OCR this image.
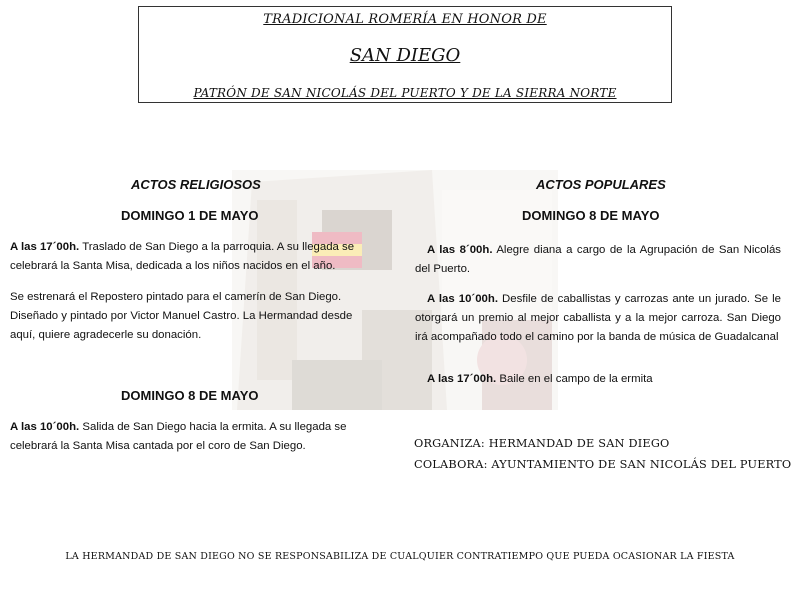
TRADICIONAL ROMERÍA EN HONOR DE
SAN DIEGO
PATRÓN DE SAN NICOLÁS DEL PUERTO Y DE LA SIERRA NORTE
ACTOS RELIGIOSOS
DOMINGO 1 DE MAYO
A las 17´00h. Traslado de San Diego a la parroquia. A su llegada se celebrará la Santa Misa, dedicada a los niños nacidos en el año.
Se estrenará el Repostero pintado para el camerín de San Diego. Diseñado y pintado por Victor Manuel Castro. La Hermandad desde aquí, quiere agradecerle su donación.
DOMINGO 8 DE MAYO
A las 10´00h. Salida de San Diego hacia la ermita. A su llegada se celebrará la Santa Misa cantada por el coro de San Diego.
ACTOS POPULARES
DOMINGO 8 DE MAYO
A las 8´00h. Alegre diana a cargo de la Agrupación de San Nicolás del Puerto.
A las 10´00h. Desfile de caballistas y carrozas ante un jurado. Se le otorgará un premio al mejor caballista y a la mejor carroza. San Diego irá acompañado todo el camino por la banda de música de Guadalcanal
A las 17´00h. Baile en el campo de la ermita
ORGANIZA: HERMANDAD DE SAN DIEGO
COLABORA: AYUNTAMIENTO DE SAN NICOLÁS DEL PUERTO
LA HERMANDAD DE SAN DIEGO NO SE RESPONSABILIZA DE CUALQUIER CONTRATIEMPO QUE PUEDA OCASIONAR LA FIESTA
